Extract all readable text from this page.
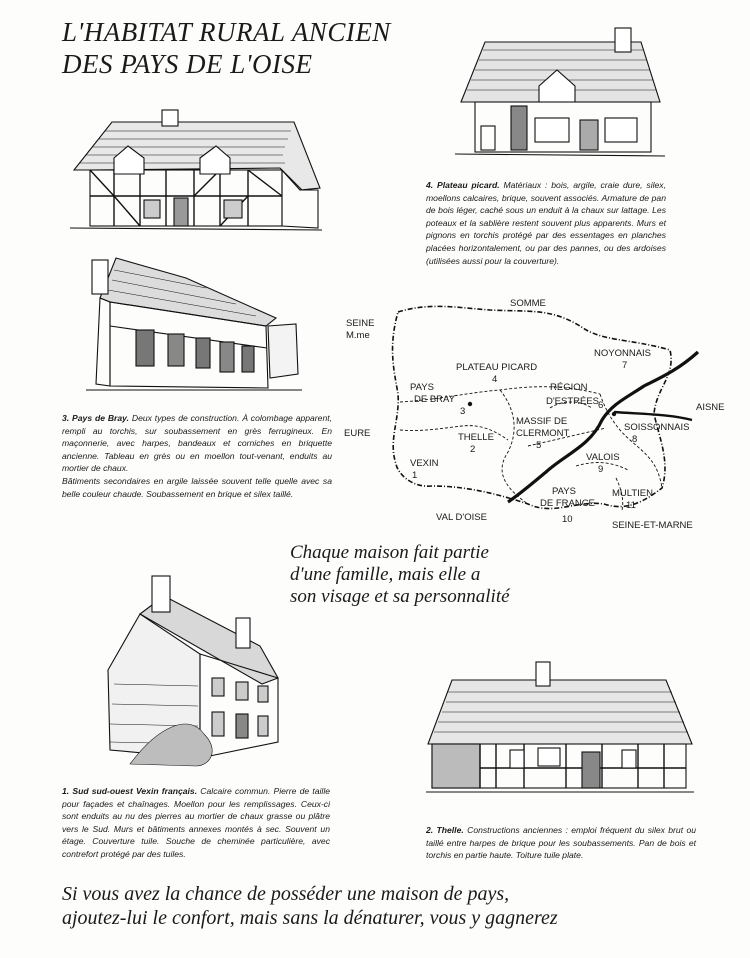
L'HABITAT RURAL ANCIEN
DES PAYS DE L'OISE
4. Plateau picard. Matériaux : bois, argile, craie dure, silex, moellons calcaires, brique, souvent associés. Armature de pan de bois léger, caché sous un enduit à la chaux sur lattage. Les poteaux et la sablière restent souvent plus apparents. Murs et pignons en torchis protégé par des essentages en planches placées horizontalement, ou par des pannes, ou des ardoises (utilisées aussi pour la couverture).
3. Pays de Bray. Deux types de construction. À colombage apparent, rempli au torchis, sur soubassement en grès ferrugineux. En maçonnerie, avec harpes, bandeaux et corniches en briquette ancienne. Tableau en grès ou en moellon tout-venant, enduits au mortier de chaux.
Bâtiments secondaires en argile laissée souvent telle quelle avec sa belle couleur chaude. Soubassement en brique et silex taillé.
SOMME
SEINE
M.me
EURE
AISNE
VAL D'OISE
SEINE-ET-MARNE
PLATEAU PICARD
4
NOYONNAIS
7
PAYS
DE BRAY
3
RÉGION
D'ESTRÉES
6
MASSIF DE
CLERMONT
5
THELLE
2
SOISSONNAIS
8
VALOIS
9
VEXIN
1
PAYS
DE FRANCE
10
MULTIEN
11
Chaque maison fait partie
d'une famille, mais elle a
son visage et sa personnalité
1. Sud sud-ouest Vexin français. Calcaire commun. Pierre de taille pour façades et chaînages. Moellon pour les remplissages. Ceux-ci sont enduits au nu des pierres au mortier de chaux grasse ou plâtre vers le Sud. Murs et bâtiments annexes montés à sec. Souvent un étage. Couverture tuile. Souche de cheminée particulière, avec contrefort protégé par des tuiles.
2. Thelle. Constructions anciennes : emploi fréquent du silex brut ou taillé entre harpes de brique pour les soubassements. Pan de bois et torchis en partie haute. Toiture tuile plate.
Si vous avez la chance de posséder une maison de pays,
ajoutez-lui le confort, mais sans la dénaturer, vous y gagnerez
